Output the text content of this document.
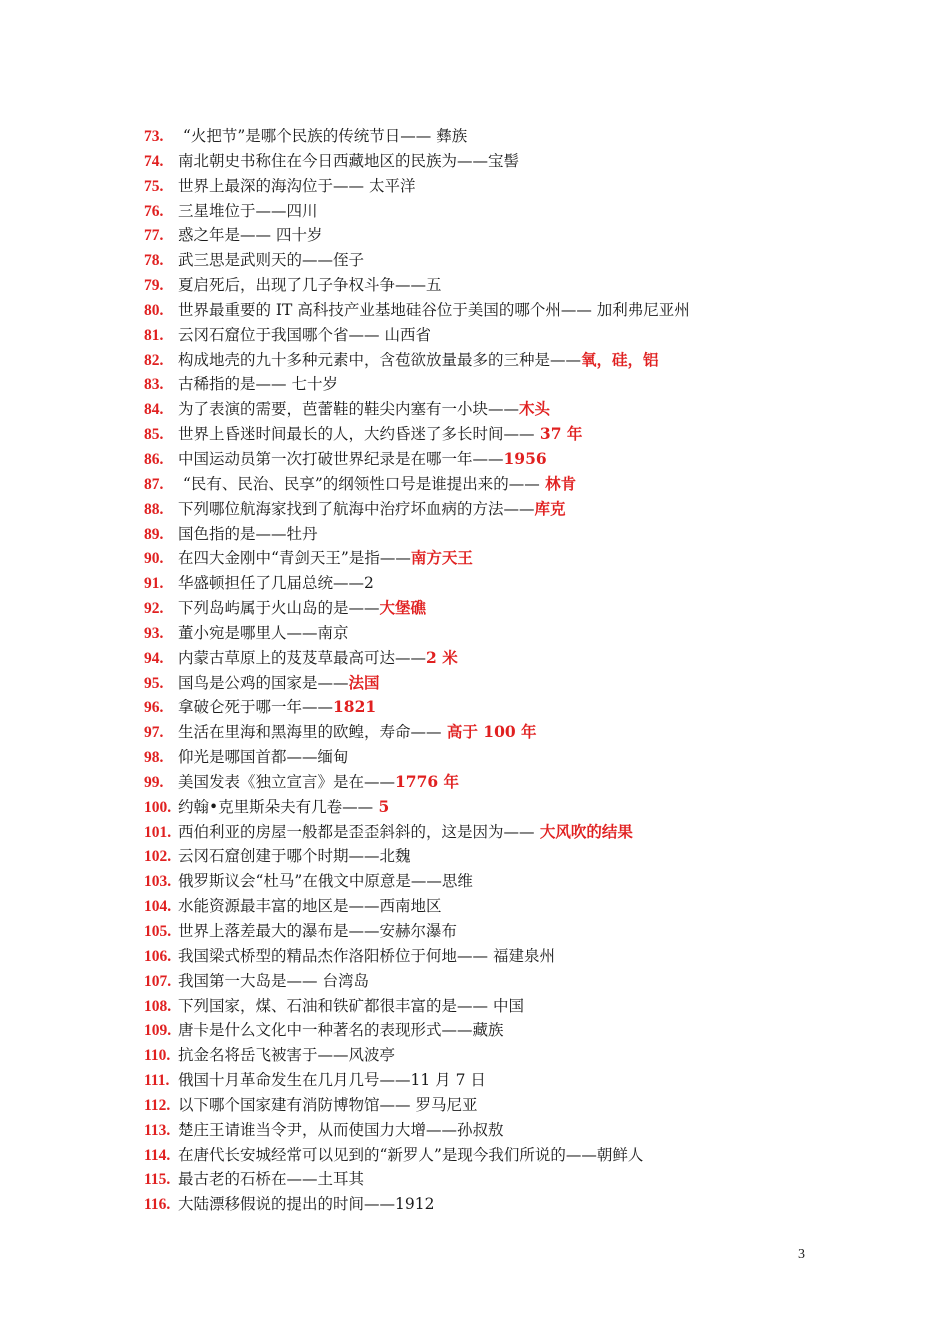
73. “火把节”是哪个民族的传统节日—— 彝族
74. 南北朝史书称住在今日西藏地区的民族为——宝髻
75. 世界上最深的海沟位于—— 太平洋
76. 三星堆位于——四川
77. 惑之年是—— 四十岁
78. 武三思是武则天的——侄子
79. 夏启死后，出现了几子争权斗争——五
80. 世界最重要的 IT 高科技产业基地硅谷位于美国的哪个州—— 加利弗尼亚州
81. 云冈石窟位于我国哪个省—— 山西省
82. 构成地壳的九十多种元素中，含苞欲放量最多的三种是——氧，硅，铝
83. 古稀指的是—— 七十岁
84. 为了表演的需要，芭蕾鞋的鞋尖内塞有一小块——木头
85. 世界上昏迷时间最长的人，大约昏迷了多长时间—— 37 年
86. 中国运动员第一次打破世界纪录是在哪一年——1956
87. “民有、民治、民享”的纲领性口号是谁提出来的—— 林肯
88. 下列哪位航海家找到了航海中治疗坏血病的方法——库克
89. 国色指的是——牡丹
90. 在四大金刚中“青剑天王”是指——南方天王
91. 华盛顿担任了几届总统——2
92. 下列岛屿属于火山岛的是——大堡礁
93. 董小宛是哪里人——南京
94. 内蒙古草原上的芨芨草最高可达——2 米
95. 国鸟是公鸡的国家是——法国
96. 拿破仑死于哪一年——1821
97. 生活在里海和黑海里的欧鳇，寿命—— 高于 100 年
98. 仰光是哪国首都——缅甸
99. 美国发表《独立宣言》是在——1776 年
100. 约翰•克里斯朵夫有几卷—— 5
101. 西伯利亚的房屋一般都是歪歪斜斜的，这是因为—— 大风吹的结果
102. 云冈石窟创建于哪个时期——北魏
103. 俄罗斯议会“杜马”在俄文中原意是——思维
104. 水能资源最丰富的地区是——西南地区
105. 世界上落差最大的瀑布是——安赫尔瀑布
106. 我国梁式桥型的精品杰作洛阳桥位于何地—— 福建泉州
107. 我国第一大岛是—— 台湾岛
108. 下列国家，煤、石油和铁矿都很丰富的是—— 中国
109. 唐卡是什么文化中一种著名的表现形式——藏族
110. 抗金名将岳飞被害于——风波亭
111. 俄国十月革命发生在几月几号——11 月 7 日
112. 以下哪个国家建有消防博物馆—— 罗马尼亚
113. 楚庄王请谁当令尹，从而使国力大增——孙叔敖
114. 在唐代长安城经常可以见到的“新罗人”是现今我们所说的——朝鲜人
115. 最古老的石桥在——土耳其
116. 大陆漂移假说的提出的时间——1912
3
